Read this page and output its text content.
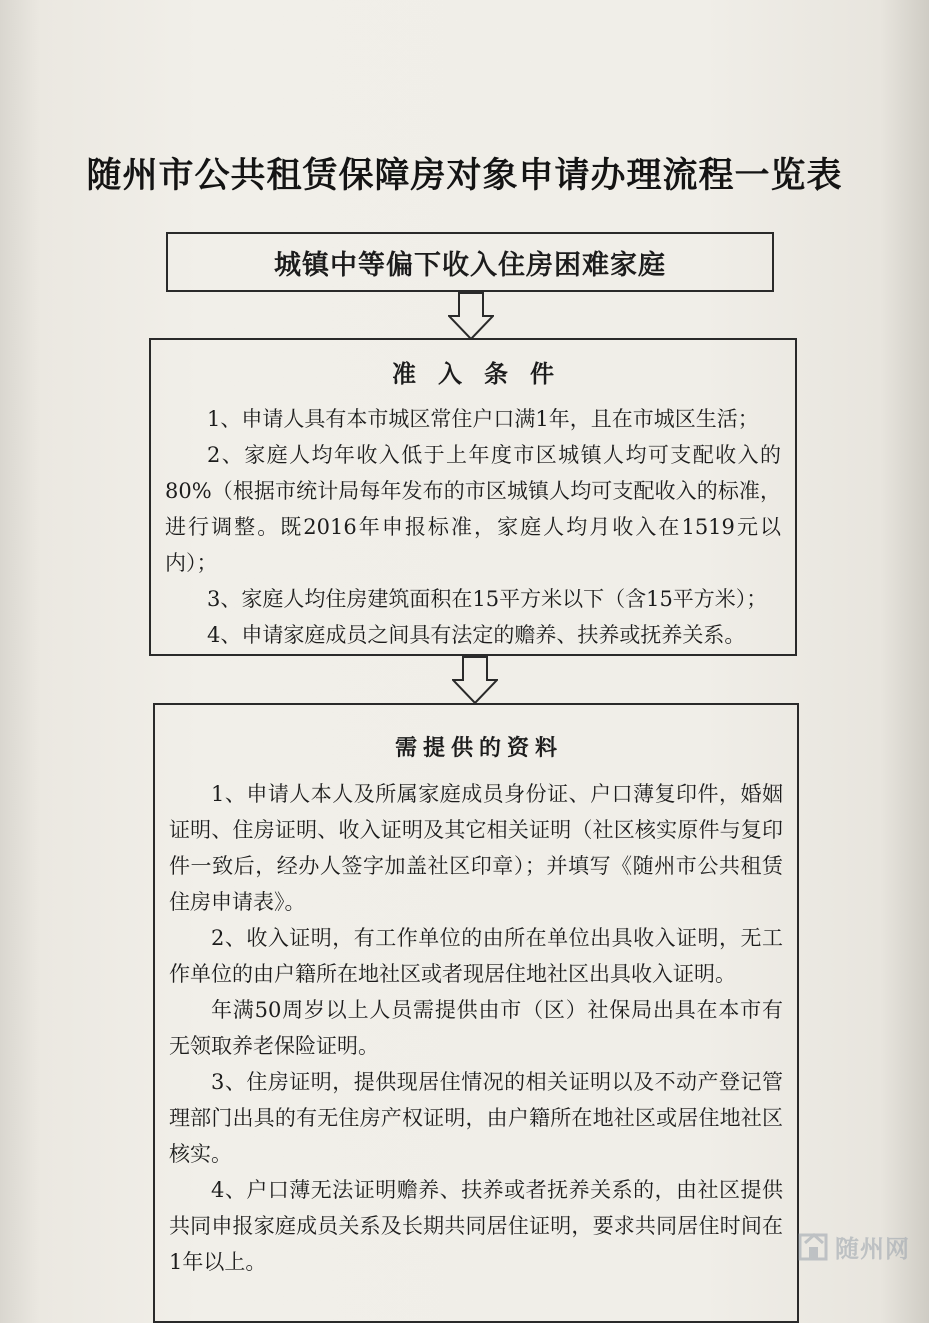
随州市公共租赁保障房对象申请办理流程一览表
城镇中等偏下收入住房困难家庭
准入条件

1、申请人具有本市城区常住户口满1年，且在市城区生活；

2、家庭人均年收入低于上年度市区城镇人均可支配收入的80%（根据市统计局每年发布的市区城镇人均可支配收入的标准，进行调整。既2016年申报标准，家庭人均月收入在1519元以内）；

3、家庭人均住房建筑面积在15平方米以下（含15平方米）；

4、申请家庭成员之间具有法定的赡养、扶养或抚养关系。

需提供的资料

1、申请人本人及所属家庭成员身份证、户口薄复印件，婚姻证明、住房证明、收入证明及其它相关证明（社区核实原件与复印件一致后，经办人签字加盖社区印章）；并填写《随州市公共租赁住房申请表》。

2、收入证明，有工作单位的由所在单位出具收入证明，无工作单位的由户籍所在地社区或者现居住地社区出具收入证明。

年满50周岁以上人员需提供由市（区）社保局出具在本市有无领取养老保险证明。

3、住房证明，提供现居住情况的相关证明以及不动产登记管理部门出具的有无住房产权证明，由户籍所在地社区或居住地社区核实。

4、户口薄无法证明赡养、扶养或者抚养关系的，由社区提供共同申报家庭成员关系及长期共同居住证明，要求共同居住时间在1年以上。	随州网
